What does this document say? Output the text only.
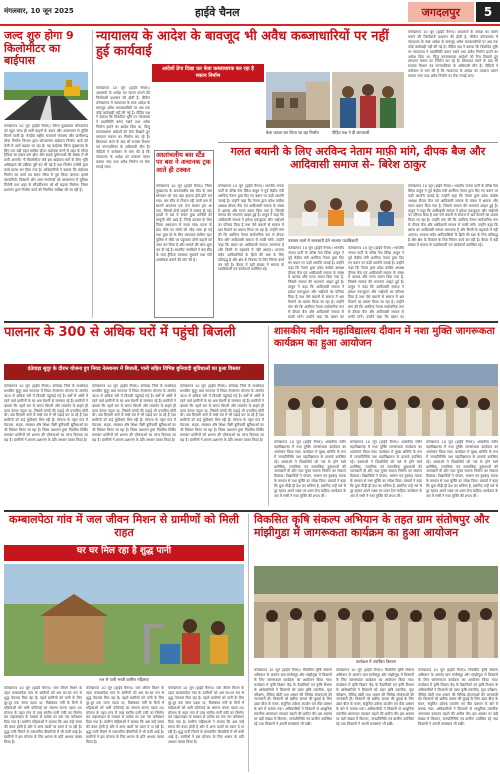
मंगलवार, 10 जून 2025	हाईवे चैनल	जगदलपुर	5
जल्द शुरु होगा 9 किलोमीटर का बाईपास
कोण्डागाव 10 जून (हाईवे चैनल)। जिला मुख्यालय कोण्डागांव को बहुत जल्द ही भारी वाहनों के दबाव और आवागमन से मुक्ति मिलने वाली है। केन्द्रीय राष्ट्रीय राजमार्ग मंत्रालय और छत्तीसगढ़ लोक निर्माण विभाग द्वारा कोण्डागांव बाईपास निर्माण कार्य को तेजी से आगे बढ़ाया जा रहा है। यह बाईपास जिला मुख्यालय के लिए एक बड़ी राहत साबित होगा। बाईपास बनने से शहर के भीतर ट्रैफिक का दबाव कम होगा और सड़क दुर्घटनाओं की संख्या में भी कमी आएगी। नौ किलोमीटर लंबे इस बाईपास मार्ग के लिए भूमि अधिग्रहण की प्रक्रिया पूरी कर ली गई है तथा निर्माण एजेंसी द्वारा कार्य प्रारंभ कर दिया गया है। अधिकारियों ने बताया कि बाईपास निर्माण का कार्य तय समय सीमा में पूरा किया जाएगा। इससे व्यापारियों, किसानों और आम नागरिकों को आवागमन में सुविधा मिलेगी तथा शहर के सौंदर्यीकरण को भी बढ़ावा मिलेगा। जिला प्रशासन द्वारा निर्माण कार्य की नियमित समीक्षा की जा रही है।
न्यायालय के आदेश के बावजूद भी अवैध कब्जाधारियों पर नहीं हुई कार्यवाई
आदेशों ठेंगा दिखा कर बेजा कब्जाधारक कर रहा है मकान निर्माण
कोण्डागाव 10 जून (हाईवे चैनल)। अदालतों के आदेश का पालन कराने की जिम्मेदारी प्रशासन की होती है, लेकिन कोण्डागांव में न्यायालय के स्पष्ट आदेश के बावजूद अवैध कब्जाधारियों पर अब तक कोई कार्यवाही नहीं की गई है। पीड़ित पक्ष ने बताया कि विवादित भूमि पर न्यायालय ने यथास्थिति बनाए रखने तथा अवैध निर्माण हटाने का आदेश दिया था, किंतु कब्जाधारक आदेशों को ठेंगा दिखाते हुए लगातार मकान का निर्माण कर रहे हैं। शिकायत करने के बाद भी राजस्व विभाग एवं नगरपालिका के अधिकारी मौन हैं। पीड़ितों ने कलेक्टर से मांग की है कि न्यायालय के आदेश का तत्काल पालन कराया जाए तथा अवैध निर्माण पर रोक लगाई जाए।
कोण्डागाव 10 जून (हाईवे चैनल)। अदालतों के आदेश का पालन कराने की जिम्मेदारी प्रशासन की होती है, लेकिन कोण्डागांव में न्यायालय के स्पष्ट आदेश के बावजूद अवैध कब्जाधारियों पर अब तक कोई कार्यवाही नहीं की गई है। पीड़ित पक्ष ने बताया कि विवादित भूमि पर न्यायालय ने यथास्थिति बनाए रखने तथा अवैध निर्माण हटाने का आदेश दिया था, किंतु कब्जाधारक आदेशों को ठेंगा दिखाते हुए लगातार मकान का निर्माण कर रहे हैं। शिकायत करने के बाद भी राजस्व विभाग एवं नगरपालिका के अधिकारी मौन हैं। पीड़ितों ने कलेक्टर से मांग की है कि न्यायालय के आदेश का तत्काल पालन कराया जाए तथा अवैध निर्माण पर रोक लगाई जाए।
अस्तांचलीय बस स्टैंड पर बस ने अचानक ट्रक आते ही टक्कर
कोण्डागाव 10 जून (हाईवे चैनल)। जिला मुख्यालय के अस्तांचलीय बस स्टैंड के पास सोमवार को एक बड़ा हादसा होते-होते टल गया। बस स्टैंड से निकल रही यात्री बस के सामने अचानक एक तेज रफ्तार ट्रक आ गया, जिससे दोनों वाहनों में टक्कर हो गई। हादसे में बस में सवार कुछ यात्रियों को मामूली चोटें आई हैं, जिन्हें उपचार के लिए जिला अस्पताल ले जाया गया। घटना के बाद मौके पर लोगों की भीड़ जमा हो गई तथा कुछ देर के लिए यातायात बाधित रहा। पुलिस ने मौके पर पहुंचकर दोनों वाहनों को जब्त कर लिया है और मामले की जांच शुरू कर दी गई है। स्थानीय नागरिकों ने बस स्टैंड के पास ट्रैफिक व्यवस्था सुधारने तथा गति अवरोधक बनाने की मांग की है।
बेजा कब्जा कर किया जा रहा निर्माण	पीड़ित पक्ष ने दी जानकारी
गलत बयानी के लिए अरविन्द नेताम माफ़ी मांगे, दीपक बैज और आदिवासी समाज से– बिरेश ठाकुर
कोण्डागाव 10 जून (हाईवे चैनल)। भारतीय जनता पार्टी के वरिष्ठ नेता बिरेश ठाकुर ने पूर्व केंद्रीय मंत्री अरविन्द नेताम द्वारा दिए गए बयान पर कड़ी आपत्ति जताई है। उन्होंने कहा कि नेताम द्वारा प्रदेश कांग्रेस अध्यक्ष दीपक बैज एवं आदिवासी समाज के संबंध में भ्रामक और गलत बयान दिया गया है, जिससे समाज की भावनाएं आहत हुई हैं। ठाकुर ने कहा कि आदिवासी समाज ने हमेशा एकजुटता और भाईचारे का परिचय दिया है तथा ऐसे बयानों से समाज में भ्रम फैलाने का प्रयास किया जा रहा है। उन्होंने मांग की कि अरविन्द नेताम सार्वजनिक रूप से दीपक बैज और आदिवासी समाज से माफ़ी मांगें। उन्होंने कहा कि बस्तर का आदिवासी समाज जागरूक है और किसी के बहकावे में नहीं आएगा। भाजपा सदैव आदिवासियों के हितों की रक्षा के लिए प्रतिबद्ध है और क्षेत्र के विकास के लिए निरंतर कार्य कर रही है। बैठक में बड़ी संख्या में समाज के पदाधिकारी एवं कार्यकर्ता उपस्थित रहे।
पत्रकार वार्ता में जानकारी देते भाजपा पदाधिकारी
कोण्डागाव 10 जून (हाईवे चैनल)। भारतीय जनता पार्टी के वरिष्ठ नेता बिरेश ठाकुर ने पूर्व केंद्रीय मंत्री अरविन्द नेताम द्वारा दिए गए बयान पर कड़ी आपत्ति जताई है। उन्होंने कहा कि नेताम द्वारा प्रदेश कांग्रेस अध्यक्ष दीपक बैज एवं आदिवासी समाज के संबंध में भ्रामक और गलत बयान दिया गया है, जिससे समाज की भावनाएं आहत हुई हैं। ठाकुर ने कहा कि आदिवासी समाज ने हमेशा एकजुटता और भाईचारे का परिचय दिया है तथा ऐसे बयानों से समाज में भ्रम फैलाने का प्रयास किया जा रहा है। उन्होंने मांग की कि अरविन्द नेताम सार्वजनिक रूप से दीपक बैज और आदिवासी समाज से माफ़ी मांगें। उन्होंने कहा कि बस्तर का
कोण्डागाव 10 जून (हाईवे चैनल)। भारतीय जनता पार्टी के वरिष्ठ नेता बिरेश ठाकुर ने पूर्व केंद्रीय मंत्री अरविन्द नेताम द्वारा दिए गए बयान पर कड़ी आपत्ति जताई है। उन्होंने कहा कि नेताम द्वारा प्रदेश कांग्रेस अध्यक्ष दीपक बैज एवं आदिवासी समाज के संबंध में भ्रामक और गलत बयान दिया गया है, जिससे समाज की भावनाएं आहत हुई हैं। ठाकुर ने कहा कि आदिवासी समाज ने हमेशा एकजुटता और भाईचारे का परिचय दिया है तथा ऐसे बयानों से समाज में भ्रम फैलाने का प्रयास किया जा रहा है। उन्होंने मांग की कि अरविन्द नेताम सार्वजनिक रूप से दीपक बैज और आदिवासी समाज से माफ़ी मांगें। उन्होंने कहा कि बस्तर का
कोण्डागाव 10 जून (हाईवे चैनल)। भारतीय जनता पार्टी के वरिष्ठ नेता बिरेश ठाकुर ने पूर्व केंद्रीय मंत्री अरविन्द नेताम द्वारा दिए गए बयान पर कड़ी आपत्ति जताई है। उन्होंने कहा कि नेताम द्वारा प्रदेश कांग्रेस अध्यक्ष दीपक बैज एवं आदिवासी समाज के संबंध में भ्रामक और गलत बयान दिया गया है, जिससे समाज की भावनाएं आहत हुई हैं। ठाकुर ने कहा कि आदिवासी समाज ने हमेशा एकजुटता और भाईचारे का परिचय दिया है तथा ऐसे बयानों से समाज में भ्रम फैलाने का प्रयास किया जा रहा है। उन्होंने मांग की कि अरविन्द नेताम सार्वजनिक रूप से दीपक बैज और आदिवासी समाज से माफ़ी मांगें। उन्होंने कहा कि बस्तर का आदिवासी समाज जागरूक है और किसी के बहकावे में नहीं आएगा। भाजपा सदैव आदिवासियों के हितों की रक्षा के लिए प्रतिबद्ध है और क्षेत्र के विकास के लिए निरंतर कार्य कर रही है। बैठक में बड़ी संख्या में समाज के पदाधिकारी एवं कार्यकर्ता उपस्थित रहे।
पालनार के 300 से अधिक घरों में पहुंची बिजली
दंतेवाड़ा सुदूर के दौरान योजना हुए नियद नेल्लानार में बिजली, पानी सहित विभिन्न बुनियादी सुविधाओं का हुआ विस्तार
कोण्डागाव 10 जून (हाईवे चैनल)। दंतेवाड़ा जिले के माओवाद प्रभावित सुदूर ग्राम पालनार में नियद नेल्लानार योजना के अंतर्गत 300 से अधिक घरों में बिजली पहुंचाई गई है। वर्षों से अंधेरे में रहने वाले ग्रामीणों के घर अब रोशनी से जगमगा रहे हैं। ग्रामीणों ने बताया कि पहले रात के समय चिमनी और लालटेन के सहारे ही काम करना पड़ता था, जिससे बच्चों की पढ़ाई भी प्रभावित होती थी। अब बिजली आने से बच्चे रात में भी पढ़ाई कर पा रहे हैं तथा ग्रामीणों को कई सुविधाएं मिल रही हैं। योजना के तहत गांव में पेयजल, सड़क, स्वास्थ्य और शिक्षा जैसी बुनियादी सुविधाओं का भी विस्तार किया जा रहा है। जिला प्रशासन द्वारा नियमित शिविर लगाकर ग्रामीणों को शासन की योजनाओं का लाभ दिलाया जा रहा है। ग्रामीणों ने शासन-प्रशासन के प्रति आभार व्यक्त किया है।
कोण्डागाव 10 जून (हाईवे चैनल)। दंतेवाड़ा जिले के माओवाद प्रभावित सुदूर ग्राम पालनार में नियद नेल्लानार योजना के अंतर्गत 300 से अधिक घरों में बिजली पहुंचाई गई है। वर्षों से अंधेरे में रहने वाले ग्रामीणों के घर अब रोशनी से जगमगा रहे हैं। ग्रामीणों ने बताया कि पहले रात के समय चिमनी और लालटेन के सहारे ही काम करना पड़ता था, जिससे बच्चों की पढ़ाई भी प्रभावित होती थी। अब बिजली आने से बच्चे रात में भी पढ़ाई कर पा रहे हैं तथा ग्रामीणों को कई सुविधाएं मिल रही हैं। योजना के तहत गांव में पेयजल, सड़क, स्वास्थ्य और शिक्षा जैसी बुनियादी सुविधाओं का भी विस्तार किया जा रहा है। जिला प्रशासन द्वारा नियमित शिविर लगाकर ग्रामीणों को शासन की योजनाओं का लाभ दिलाया जा रहा है। ग्रामीणों ने शासन-प्रशासन के प्रति आभार व्यक्त किया है।
कोण्डागाव 10 जून (हाईवे चैनल)। दंतेवाड़ा जिले के माओवाद प्रभावित सुदूर ग्राम पालनार में नियद नेल्लानार योजना के अंतर्गत 300 से अधिक घरों में बिजली पहुंचाई गई है। वर्षों से अंधेरे में रहने वाले ग्रामीणों के घर अब रोशनी से जगमगा रहे हैं। ग्रामीणों ने बताया कि पहले रात के समय चिमनी और लालटेन के सहारे ही काम करना पड़ता था, जिससे बच्चों की पढ़ाई भी प्रभावित होती थी। अब बिजली आने से बच्चे रात में भी पढ़ाई कर पा रहे हैं तथा ग्रामीणों को कई सुविधाएं मिल रही हैं। योजना के तहत गांव में पेयजल, सड़क, स्वास्थ्य और शिक्षा जैसी बुनियादी सुविधाओं का भी विस्तार किया जा रहा है। जिला प्रशासन द्वारा नियमित शिविर लगाकर ग्रामीणों को शासन की योजनाओं का लाभ दिलाया जा रहा है। ग्रामीणों ने शासन-प्रशासन के प्रति आभार व्यक्त किया है।
शासकीय नवीन महाविद्यालय दीवान में नशा मुक्ति जागरूकता कार्यक्रम का हुआ आयोजन
कोण्डागाव 10 जून (हाईवे चैनल)। शासकीय नवीन महाविद्यालय में नशा मुक्ति जागरूकता कार्यक्रम का आयोजन किया गया। कार्यक्रम में मुख्य अतिथि के रूप में जनप्रतिनिधि तथा महाविद्यालय के प्राचार्य उपस्थित रहे। वक्ताओं ने विद्यार्थियों को नशे से होने वाले शारीरिक, मानसिक एवं सामाजिक दुष्प्रभावों की जानकारी दी और नशा मुक्त समाज निर्माण का संकल्प दिलाया। विद्यार्थियों ने पोस्टर, भाषण एवं नुक्कड़ नाटक के माध्यम से नशा मुक्ति का संदेश दिया। प्राचार्य ने कहा कि युवा पीढ़ी ही देश का भविष्य है, इसलिए उन्हें नशे से दूर रहकर अपने लक्ष्य पर ध्यान देना चाहिए। कार्यक्रम के अंत में सभी ने नशा मुक्ति की शपथ ली।
कोण्डागाव 10 जून (हाईवे चैनल)। शासकीय नवीन महाविद्यालय में नशा मुक्ति जागरूकता कार्यक्रम का आयोजन किया गया। कार्यक्रम में मुख्य अतिथि के रूप में जनप्रतिनिधि तथा महाविद्यालय के प्राचार्य उपस्थित रहे। वक्ताओं ने विद्यार्थियों को नशे से होने वाले शारीरिक, मानसिक एवं सामाजिक दुष्प्रभावों की जानकारी दी और नशा मुक्त समाज निर्माण का संकल्प दिलाया। विद्यार्थियों ने पोस्टर, भाषण एवं नुक्कड़ नाटक के माध्यम से नशा मुक्ति का संदेश दिया। प्राचार्य ने कहा कि युवा पीढ़ी ही देश का भविष्य है, इसलिए उन्हें नशे से दूर रहकर अपने लक्ष्य पर ध्यान देना चाहिए। कार्यक्रम के अंत में सभी ने नशा मुक्ति की शपथ ली।
कोण्डागाव 10 जून (हाईवे चैनल)। शासकीय नवीन महाविद्यालय में नशा मुक्ति जागरूकता कार्यक्रम का आयोजन किया गया। कार्यक्रम में मुख्य अतिथि के रूप में जनप्रतिनिधि तथा महाविद्यालय के प्राचार्य उपस्थित रहे। वक्ताओं ने विद्यार्थियों को नशे से होने वाले शारीरिक, मानसिक एवं सामाजिक दुष्प्रभावों की जानकारी दी और नशा मुक्त समाज निर्माण का संकल्प दिलाया। विद्यार्थियों ने पोस्टर, भाषण एवं नुक्कड़ नाटक के माध्यम से नशा मुक्ति का संदेश दिया। प्राचार्य ने कहा कि युवा पीढ़ी ही देश का भविष्य है, इसलिए उन्हें नशे से दूर रहकर अपने लक्ष्य पर ध्यान देना चाहिए। कार्यक्रम के अंत में सभी ने नशा मुक्ति की शपथ ली।
कम्बालपेठा गांव में जल जीवन मिशन से ग्रामीणों को मिली राहत
घर घर मिल रहा है शुद्ध पानी
नल से पानी भरती ग्रामीण महिलाएं
कोण्डागाव 10 जून (हाईवे चैनल)। जल जीवन मिशन के तहत कम्बालपेठा गांव के ग्रामीणों को अब घर-घर नल से शुद्ध पेयजल मिल रहा है। पहले ग्रामीणों को पानी के लिए दूर-दूर तक जाना पड़ता था, विशेषकर गर्मी के दिनों में महिलाओं को भारी कठिनाई का सामना करना पड़ता था। योजना के तहत गांव में उच्च स्तरीय पानी टंकी का निर्माण कर पाइपलाइन के माध्यम से प्रत्येक घर तक नल कनेक्शन दिया गया है। ग्रामीण महिलाओं ने बताया कि अब उन्हें समय की बचत होती है और वे अन्य कार्यों पर ध्यान दे पा रही हैं। शुद्ध पानी मिलने से जलजनित बीमारियों में भी कमी आई है। ग्रामीणों ने इस योजना के लिए शासन के प्रति आभार व्यक्त किया है।
कोण्डागाव 10 जून (हाईवे चैनल)। जल जीवन मिशन के तहत कम्बालपेठा गांव के ग्रामीणों को अब घर-घर नल से शुद्ध पेयजल मिल रहा है। पहले ग्रामीणों को पानी के लिए दूर-दूर तक जाना पड़ता था, विशेषकर गर्मी के दिनों में महिलाओं को भारी कठिनाई का सामना करना पड़ता था। योजना के तहत गांव में उच्च स्तरीय पानी टंकी का निर्माण कर पाइपलाइन के माध्यम से प्रत्येक घर तक नल कनेक्शन दिया गया है। ग्रामीण महिलाओं ने बताया कि अब उन्हें समय की बचत होती है और वे अन्य कार्यों पर ध्यान दे पा रही हैं। शुद्ध पानी मिलने से जलजनित बीमारियों में भी कमी आई है। ग्रामीणों ने इस योजना के लिए शासन के प्रति आभार व्यक्त किया है।
कोण्डागाव 10 जून (हाईवे चैनल)। जल जीवन मिशन के तहत कम्बालपेठा गांव के ग्रामीणों को अब घर-घर नल से शुद्ध पेयजल मिल रहा है। पहले ग्रामीणों को पानी के लिए दूर-दूर तक जाना पड़ता था, विशेषकर गर्मी के दिनों में महिलाओं को भारी कठिनाई का सामना करना पड़ता था। योजना के तहत गांव में उच्च स्तरीय पानी टंकी का निर्माण कर पाइपलाइन के माध्यम से प्रत्येक घर तक नल कनेक्शन दिया गया है। ग्रामीण महिलाओं ने बताया कि अब उन्हें समय की बचत होती है और वे अन्य कार्यों पर ध्यान दे पा रही हैं। शुद्ध पानी मिलने से जलजनित बीमारियों में भी कमी आई है। ग्रामीणों ने इस योजना के लिए शासन के प्रति आभार व्यक्त किया है।
विकसित कृषि संकल्प अभियान के तहत ग्राम संतोषपुर और मांझीगुडा में जागरूकता कार्यक्रम का हुआ आयोजन
कार्यक्रम में उपस्थित किसान
कोण्डागाव 10 जून (हाईवे चैनल)। विकसित कृषि संकल्प अभियान के अंतर्गत ग्राम संतोषपुर और मांझीगुडा में किसानों के लिए जागरूकता कार्यक्रम का आयोजन किया गया। कार्यक्रम में कृषि विज्ञान केंद्र के वैज्ञानिकों एवं कृषि विभाग के अधिकारियों ने किसानों को उन्नत कृषि तकनीक, मृदा परीक्षण, जैविक खेती तथा शासन की विभिन्न योजनाओं की जानकारी दी। किसानों को खरीफ फसल की बुवाई के लिए उन्नत बीज के चयन, संतुलित उर्वरक उपयोग एवं कीट प्रबंधन के बारे में बताया गया। अधिकारियों ने किसानों से आधुनिक तकनीक अपनाकर उत्पादन बढ़ाने की अपील की। इस अवसर पर बड़ी संख्या में किसान, जनप्रतिनिधि एवं ग्रामीण उपस्थित रहे तथा किसानों ने अपनी समस्याएं भी रखीं।
कोण्डागाव 10 जून (हाईवे चैनल)। विकसित कृषि संकल्प अभियान के अंतर्गत ग्राम संतोषपुर और मांझीगुडा में किसानों के लिए जागरूकता कार्यक्रम का आयोजन किया गया। कार्यक्रम में कृषि विज्ञान केंद्र के वैज्ञानिकों एवं कृषि विभाग के अधिकारियों ने किसानों को उन्नत कृषि तकनीक, मृदा परीक्षण, जैविक खेती तथा शासन की विभिन्न योजनाओं की जानकारी दी। किसानों को खरीफ फसल की बुवाई के लिए उन्नत बीज के चयन, संतुलित उर्वरक उपयोग एवं कीट प्रबंधन के बारे में बताया गया। अधिकारियों ने किसानों से आधुनिक तकनीक अपनाकर उत्पादन बढ़ाने की अपील की। इस अवसर पर बड़ी संख्या में किसान, जनप्रतिनिधि एवं ग्रामीण उपस्थित रहे तथा किसानों ने अपनी समस्याएं भी रखीं।
कोण्डागाव 10 जून (हाईवे चैनल)। विकसित कृषि संकल्प अभियान के अंतर्गत ग्राम संतोषपुर और मांझीगुडा में किसानों के लिए जागरूकता कार्यक्रम का आयोजन किया गया। कार्यक्रम में कृषि विज्ञान केंद्र के वैज्ञानिकों एवं कृषि विभाग के अधिकारियों ने किसानों को उन्नत कृषि तकनीक, मृदा परीक्षण, जैविक खेती तथा शासन की विभिन्न योजनाओं की जानकारी दी। किसानों को खरीफ फसल की बुवाई के लिए उन्नत बीज के चयन, संतुलित उर्वरक उपयोग एवं कीट प्रबंधन के बारे में बताया गया। अधिकारियों ने किसानों से आधुनिक तकनीक अपनाकर उत्पादन बढ़ाने की अपील की। इस अवसर पर बड़ी संख्या में किसान, जनप्रतिनिधि एवं ग्रामीण उपस्थित रहे तथा किसानों ने अपनी समस्याएं भी रखीं।
